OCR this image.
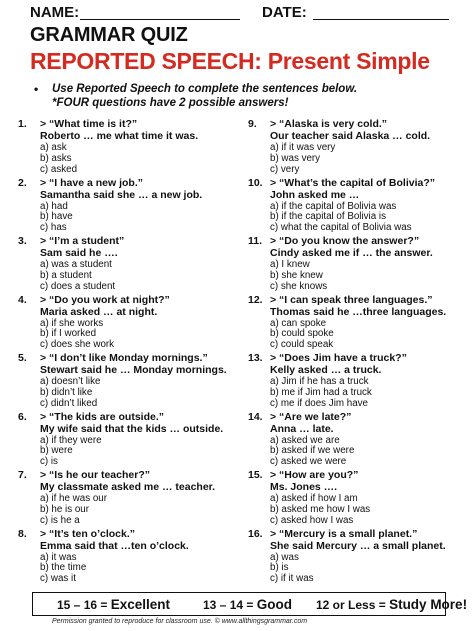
NAME:	DATE:
GRAMMAR QUIZ
REPORTED SPEECH: Present Simple
• Use Reported Speech to complete the sentences below.
*FOUR questions have 2 possible answers!
1. > “What time is it?”
Roberto … me what time it was.
a) ask
b) asks
c) asked
2. > “I have a new job.”
Samantha said she … a new job.
a) had
b) have
c) has
3. > “I’m a student”
Sam said he ….
a) was a student
b) a student
c) does a student
4. > “Do you work at night?”
Maria asked … at night.
a) if she works
b) if I worked
c) does she work
5. > “I don’t like Monday mornings.”
Stewart said he … Monday mornings.
a) doesn’t like
b) didn’t like
c) didn’t liked
6. > “The kids are outside.”
My wife said that the kids … outside.
a) if they were
b) were
c) is
7. > “Is he our teacher?”
My classmate asked me … teacher.
a) if he was our
b) he is our
c) is he a
8. > “It’s ten o’clock.”
Emma said that …ten o’clock.
a) it was
b) the time
c) was it
9. > “Alaska is very cold.”
Our teacher said Alaska … cold.
a) if it was very
b) was very
c) very
10. > “What’s the capital of Bolivia?”
John asked me …
a) if the capital of Bolivia was
b) if the capital of Bolivia is
c) what the capital of Bolivia was
11. > “Do you know the answer?”
Cindy asked me if … the answer.
a) I knew
b) she knew
c) she knows
12. > “I can speak three languages.”
Thomas said he …three languages.
a) can spoke
b) could spoke
c) could speak
13. > “Does Jim have a truck?”
Kelly asked … a truck.
a) Jim if he has a truck
b) me if Jim had a truck
c) me if does Jim have
14. > “Are we late?”
Anna … late.
a) asked we are
b) asked if we were
c) asked we were
15. > “How are you?”
Ms. Jones ….
a) asked if how I am
b) asked me how I was
c) asked how I was
16. > “Mercury is a small planet.”
She said Mercury … a small planet.
a) was
b) is
c) if it was
15 – 16 = Excellent	13 – 14 = Good 12 or Less = Study More!
Permission granted to reproduce for classroom use. © www.allthingsgrammar.com
